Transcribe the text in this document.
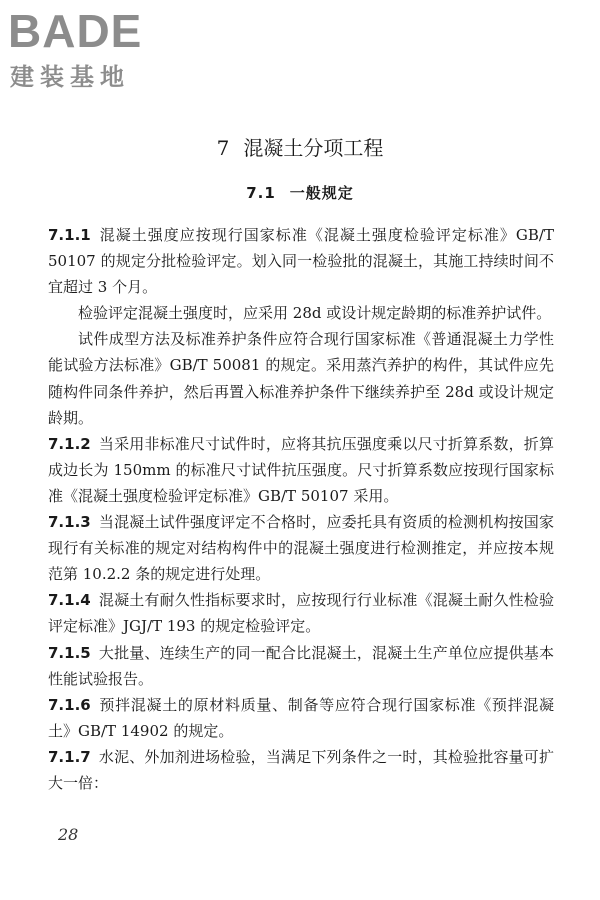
BADE
建装基地
7 混凝土分项工程
7.1 一般规定

7.1.1 混凝土强度应按现行国家标准《混凝土强度检验评定标准》GB/T 50107 的规定分批检验评定。划入同一检验批的混凝土，其施工持续时间不宜超过 3 个月。

检验评定混凝土强度时，应采用 28d 或设计规定龄期的标准养护试件。

试件成型方法及标准养护条件应符合现行国家标准《普通混凝土力学性能试验方法标准》GB/T 50081 的规定。采用蒸汽养护的构件，其试件应先随构件同条件养护，然后再置入标准养护条件下继续养护至 28d 或设计规定龄期。

7.1.2 当采用非标准尺寸试件时，应将其抗压强度乘以尺寸折算系数，折算成边长为 150mm 的标准尺寸试件抗压强度。尺寸折算系数应按现行国家标准《混凝土强度检验评定标准》GB/T 50107 采用。

7.1.3 当混凝土试件强度评定不合格时，应委托具有资质的检测机构按国家现行有关标准的规定对结构构件中的混凝土强度进行检测推定，并应按本规范第 10.2.2 条的规定进行处理。

7.1.4 混凝土有耐久性指标要求时，应按现行行业标准《混凝土耐久性检验评定标准》JGJ/T 193 的规定检验评定。

7.1.5 大批量、连续生产的同一配合比混凝土，混凝土生产单位应提供基本性能试验报告。

7.1.6 预拌混凝土的原材料质量、制备等应符合现行国家标准《预拌混凝土》GB/T 14902 的规定。

7.1.7 水泥、外加剂进场检验，当满足下列条件之一时，其检验批容量可扩大一倍：

28
